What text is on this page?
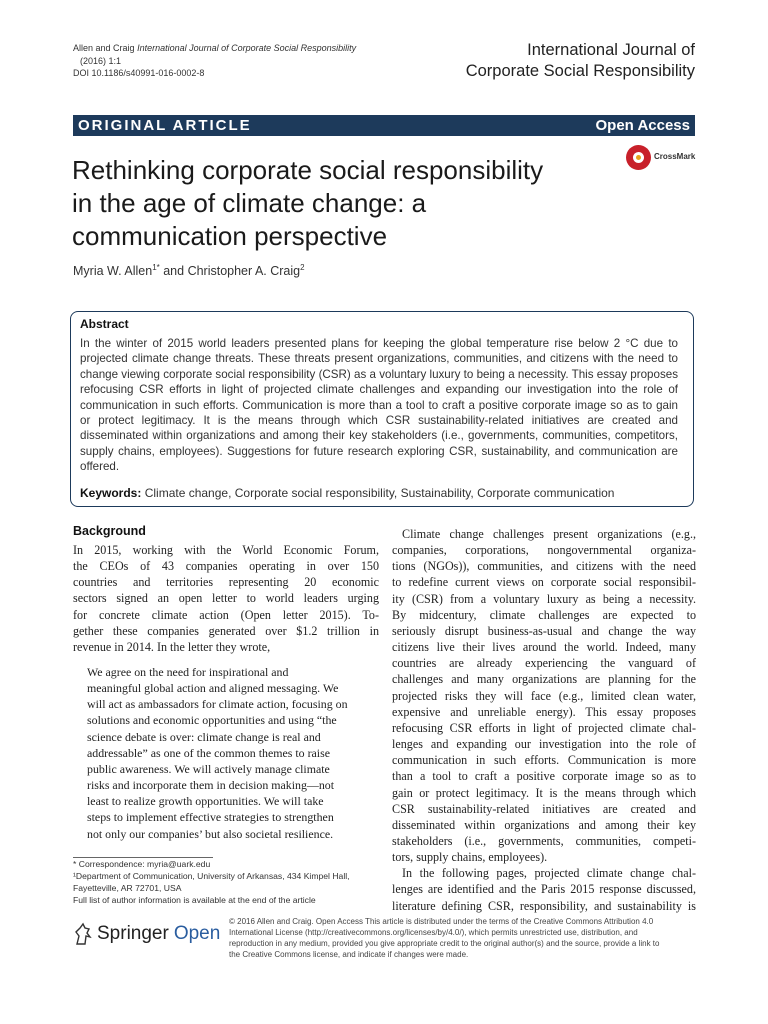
Allen and Craig International Journal of Corporate Social Responsibility
(2016) 1:1
DOI 10.1186/s40991-016-0002-8
International Journal of
Corporate Social Responsibility
ORIGINAL ARTICLE	Open Access
Rethinking corporate social responsibility
in the age of climate change: a
communication perspective
CrossMark
Myria W. Allen$^{1*}$ and Christopher A. Craig$^2$
Abstract
In the winter of 2015 world leaders presented plans for keeping the global temperature rise below 2 °C due to projected climate change threats. These threats present organizations, communities, and citizens with the need to change viewing corporate social responsibility (CSR) as a voluntary luxury to being a necessity. This essay proposes refocusing CSR efforts in light of projected climate challenges and expanding our investigation into the role of communication in such efforts. Communication is more than a tool to craft a positive corporate image so as to gain or protect legitimacy. It is the means through which CSR sustainability-related initiatives are created and disseminated within organizations and among their key stakeholders (i.e., governments, communities, competitors, supply chains, employees). Suggestions for future research exploring CSR, sustainability, and communication are offered.
Keywords: Climate change, Corporate social responsibility, Sustainability, Corporate communication
Background
In 2015, working with the World Economic Forum,
the CEOs of 43 companies operating in over 150
countries and territories representing 20 economic
sectors signed an open letter to world leaders urging
for concrete climate action (Open letter 2015). To-
gether these companies generated over $1.2 trillion in
revenue in 2014. In the letter they wrote,
We agree on the need for inspirational and
meaningful global action and aligned messaging. We
will act as ambassadors for climate action, focusing on
solutions and economic opportunities and using “the
science debate is over: climate change is real and
addressable” as one of the common themes to raise
public awareness. We will actively manage climate
risks and incorporate them in decision making—not
least to realize growth opportunities. We will take
steps to implement effective strategies to strengthen
not only our companies’ but also societal resilience.
Climate change challenges present organizations (e.g.,
companies, corporations, nongovernmental organiza-
tions (NGOs)), communities, and citizens with the need
to redefine current views on corporate social responsibil-
ity (CSR) from a voluntary luxury as being a necessity.
By midcentury, climate challenges are expected to
seriously disrupt business-as-usual and change the way
citizens live their lives around the world. Indeed, many
countries are already experiencing the vanguard of
challenges and many organizations are planning for the
projected risks they will face (e.g., limited clean water,
expensive and unreliable energy). This essay proposes
refocusing CSR efforts in light of projected climate chal-
lenges and expanding our investigation into the role of
communication in such efforts. Communication is more
than a tool to craft a positive corporate image so as to
gain or protect legitimacy. It is the means through which
CSR sustainability-related initiatives are created and
disseminated within organizations and among their key
stakeholders (i.e., governments, communities, competi-
tors, supply chains, employees).
In the following pages, projected climate change chal-
lenges are identified and the Paris 2015 response discussed,
literature defining CSR, responsibility, and sustainability is
* Correspondence: myria@uark.edu
¹Department of Communication, University of Arkansas, 434 Kimpel Hall,
Fayetteville, AR 72701, USA
Full list of author information is available at the end of the article
Springer Open
© 2016 Allen and Craig. Open Access This article is distributed under the terms of the Creative Commons Attribution 4.0
International License (http://creativecommons.org/licenses/by/4.0/), which permits unrestricted use, distribution, and
reproduction in any medium, provided you give appropriate credit to the original author(s) and the source, provide a link to
the Creative Commons license, and indicate if changes were made.
